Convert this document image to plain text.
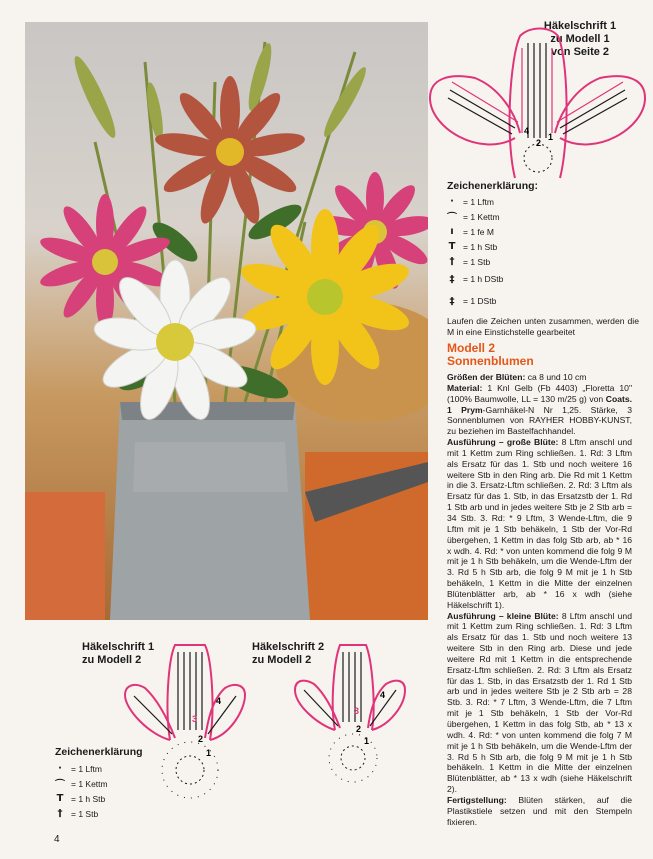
Häkelschrift 1
zu Modell 1
von Seite 2
4
2
1
Zeichenerklärung:
·	= 1 Lftm
⌒ = 1 Kettm
ı	= 1 fe M
T = 1 h Stb
† = 1 Stb
‡ = 1 h DStb
‡ = 1 DStb
Laufen die Zeichen unten zusammen, werden die M in eine Einstichstelle gearbeitet
Modell 2
Sonnenblumen
Größen der Blüten: ca 8 und 10 cm
Material: 1 Knl Gelb (Fb 4403) „Floretta 10" (100% Baumwolle, LL = 130 m/25 g) von Coats. 1 Prym-Garnhäkel-N Nr 1,25. Stärke, 3 Sonnenblumen von RAYHER HOBBY-KUNST, zu beziehen im Bastelfachhandel.
Ausführung – große Blüte: 8 Lftm anschl und mit 1 Kettm zum Ring schließen. 1. Rd: 3 Lftm als Ersatz für das 1. Stb und noch weitere 16 weitere Stb in den Ring arb. Die Rd mit 1 Kettm in die 3. Ersatz-Lftm schließen. 2. Rd: 3 Lftm als Ersatz für das 1. Stb, in das Ersatzstb der 1. Rd 1 Stb arb und in jedes weitere Stb je 2 Stb arb = 34 Stb. 3. Rd: * 9 Lftm, 3 Wende-Lftm, die 9 Lftm mit je 1 Stb behäkeln, 1 Stb der Vor-Rd übergehen, 1 Kettm in das folg Stb arb, ab * 16 x wdh. 4. Rd: * von unten kommend die folg 9 M mit je 1 h Stb behäkeln, um die Wende-Lftm der 3. Rd 5 h Stb arb, die folg 9 M mit je 1 h Stb behäkeln, 1 Kettm in die Mitte der einzelnen Blütenblätter arb, ab * 16 x wdh (siehe Häkelschrift 1).
Ausführung – kleine Blüte: 8 Lftm anschl und mit 1 Kettm zum Ring schließen. 1. Rd: 3 Lftm als Ersatz für das 1. Stb und noch weitere 13 weitere Stb in den Ring arb. Diese und jede weitere Rd mit 1 Kettm in die entsprechende Ersatz-Lftm schließen. 2. Rd: 3 Lftm als Ersatz für das 1. Stb, in das Ersatzstb der 1. Rd 1 Stb arb und in jedes weitere Stb je 2 Stb arb = 28 Stb. 3. Rd: * 7 Lftm, 3 Wende-Lftm, die 7 Lftm mit je 1 Stb behäkeln, 1 Stb der Vor-Rd übergehen, 1 Kettm in das folg Stb, ab * 13 x wdh. 4. Rd: * von unten kommend die folg 7 M mit je 1 h Stb behäkeln, um die Wende-Lftm der 3. Rd 5 h Stb arb, die folg 9 M mit je 1 h Stb behäkeln. 1 Kettm in die Mitte der einzelnen Blütenblätter, ab * 13 x wdh (siehe Häkelschrift 2).
Fertigstellung: Blüten stärken, auf die Plastikstiele setzen und mit den Stempeln fixieren.
Häkelschrift 1
zu Modell 2
4
3
2
1
Häkelschrift 2
zu Modell 2
4
3
2
1
Zeichenerklärung
·	= 1 Lftm
⌒ = 1 Kettm
T = 1 h Stb
† = 1 Stb
4
